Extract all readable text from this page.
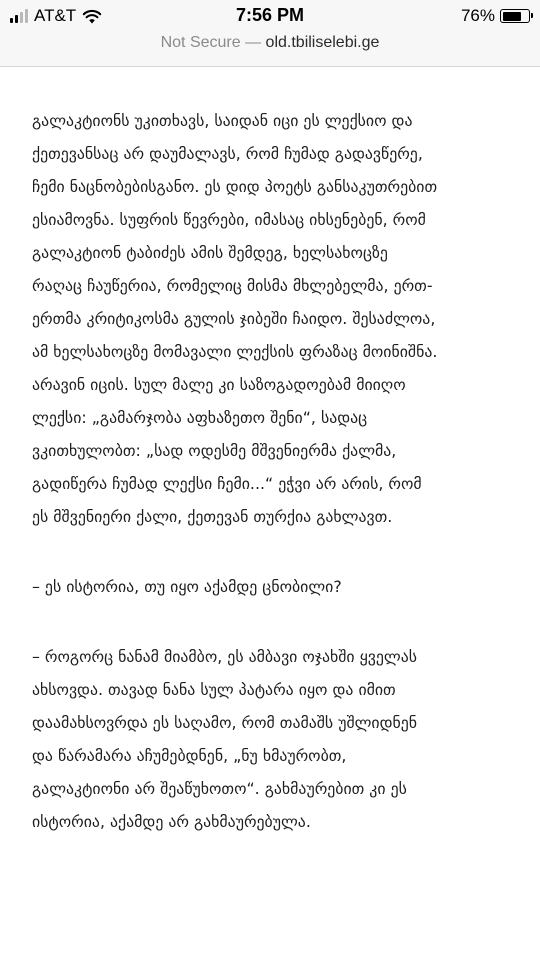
AT&T	7:56 PM	76%
Not Secure — old.tbiliselebi.ge

გალაკტიონს უკითხავს, საიდან იცი ეს ლექსიო და
ქეთევანსაც არ დაუმალავს, რომ ჩუმად გადავწერე,
ჩემი ნაცნობებისგანო. ეს დიდ პოეტს განსაკუთრებით
ესიამოვნა. სუფრის წევრები, იმასაც იხსენებენ, რომ
გალაკტიონ ტაბიძეს ამის შემდეგ, ხელსახოცზე
რაღაც ჩაუწერია, რომელიც მისმა მხლებელმა, ერთ-
ერთმა კრიტიკოსმა გულის ჯიბეში ჩაიდო. შესაძლოა,
ამ ხელსახოცზე მომავალი ლექსის ფრაზაც მოინიშნა.
არავინ იცის. სულ მალე კი საზოგადოებამ მიიღო
ლექსი: „გამარჯობა აფხაზეთო შენი“, სადაც
ვკითხულობთ: „სად ოდესმე მშვენიერმა ქალმა,
გადიწერა ჩუმად ლექსი ჩემი...“ ეჭვი არ არის, რომ
ეს მშვენიერი ქალი, ქეთევან თურქია გახლავთ.

– ეს ისტორია, თუ იყო აქამდე ცნობილი?

– როგორც ნანამ მიამბო, ეს ამბავი ოჯახში ყველას
ახსოვდა. თავად ნანა სულ პატარა იყო და იმით
დაამახსოვრდა ეს საღამო, რომ თამაშს უშლიდნენ
და წარამარა აჩუმებდნენ, „ნუ ხმაურობთ,
გალაკტიონი არ შეაწუხოთო“. გახმაურებით კი ეს
ისტორია, აქამდე არ გახმაურებულა.
